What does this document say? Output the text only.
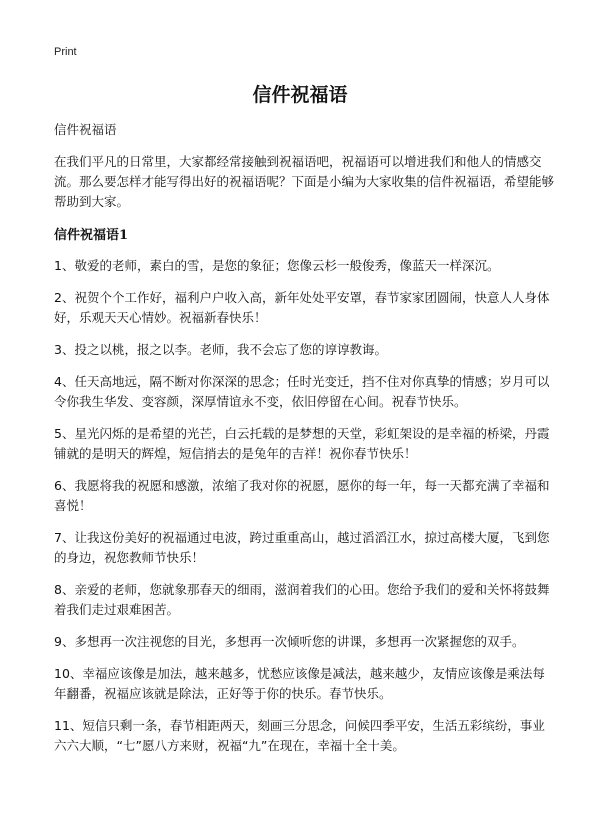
Print
信件祝福语

信件祝福语

在我们平凡的日常里，大家都经常接触到祝福语吧，祝福语可以增进我们和他人的情感交流。那么要怎样才能写得出好的祝福语呢？下面是小编为大家收集的信件祝福语，希望能够帮助到大家。

信件祝福语1

1、敬爱的老师，素白的雪，是您的象征；您像云杉一般俊秀，像蓝天一样深沉。
2、祝贺个个工作好，福利户户收入高，新年处处平安罩，春节家家团圆闹，快意人人身体好，乐观天天心情妙。祝福新春快乐！
3、投之以桃，报之以李。老师，我不会忘了您的谆谆教诲。
4、任天高地远，隔不断对你深深的思念；任时光变迁，挡不住对你真挚的情感；岁月可以令你我生华发、变容颜，深厚情谊永不变，依旧停留在心间。祝春节快乐。
5、星光闪烁的是希望的光芒，白云托载的是梦想的天堂，彩虹架设的是幸福的桥梁，丹霞铺就的是明天的辉煌，短信捎去的是兔年的吉祥！祝你春节快乐！
6、我愿将我的祝愿和感激，浓缩了我对你的祝愿，愿你的每一年，每一天都充满了幸福和喜悦！
7、让我这份美好的祝福通过电波，跨过重重高山，越过滔滔江水，掠过高楼大厦，飞到您的身边，祝您教师节快乐！
8、亲爱的老师，您就象那春天的细雨，滋润着我们的心田。您给予我们的爱和关怀将鼓舞着我们走过艰难困苦。
9、多想再一次注视您的目光，多想再一次倾听您的讲课，多想再一次紧握您的双手。
10、幸福应该像是加法，越来越多，忧愁应该像是减法，越来越少，友情应该像是乘法每年翻番，祝福应该就是除法，正好等于你的快乐。春节快乐。
11、短信只剩一条，春节相距两天，刻画三分思念，问候四季平安，生活五彩缤纷，事业六六大顺，“七”愿八方来财，祝福“九”在现在，幸福十全十美。
